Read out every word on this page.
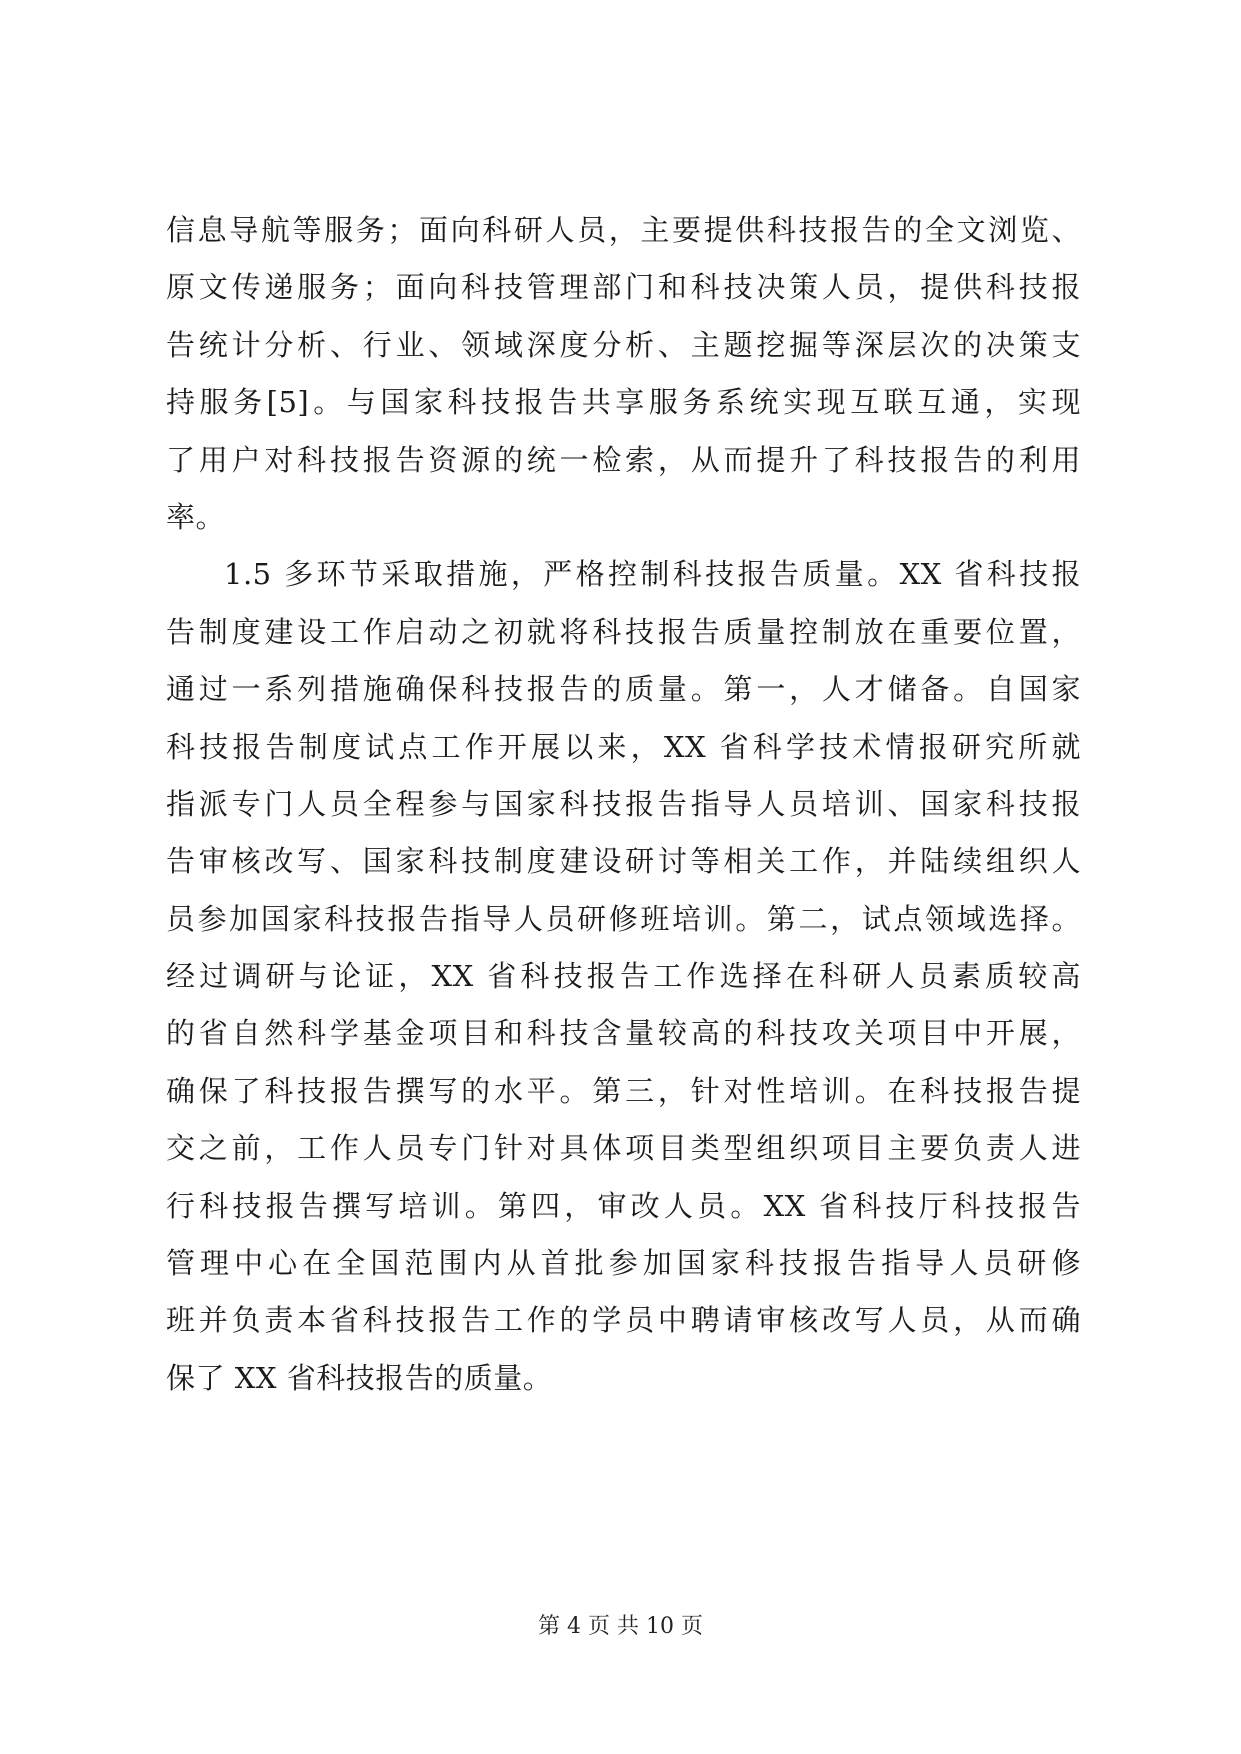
信息导航等服务；面向科研人员，主要提供科技报告的全文浏览、
原文传递服务；面向科技管理部门和科技决策人员，提供科技报
告统计分析、行业、领域深度分析、主题挖掘等深层次的决策支
持服务[5]。与国家科技报告共享服务系统实现互联互通，实现
了用户对科技报告资源的统一检索，从而提升了科技报告的利用
率。
1.5 多环节采取措施，严格控制科技报告质量。XX 省科技报
告制度建设工作启动之初就将科技报告质量控制放在重要位置，
通过一系列措施确保科技报告的质量。第一，人才储备。自国家
科技报告制度试点工作开展以来，XX 省科学技术情报研究所就
指派专门人员全程参与国家科技报告指导人员培训、国家科技报
告审核改写、国家科技制度建设研讨等相关工作，并陆续组织人
员参加国家科技报告指导人员研修班培训。第二，试点领域选择。
经过调研与论证，XX 省科技报告工作选择在科研人员素质较高
的省自然科学基金项目和科技含量较高的科技攻关项目中开展，
确保了科技报告撰写的水平。第三，针对性培训。在科技报告提
交之前，工作人员专门针对具体项目类型组织项目主要负责人进
行科技报告撰写培训。第四，审改人员。XX 省科技厅科技报告
管理中心在全国范围内从首批参加国家科技报告指导人员研修
班并负责本省科技报告工作的学员中聘请审核改写人员，从而确
保了 XX 省科技报告的质量。
第 4 页 共 10 页
